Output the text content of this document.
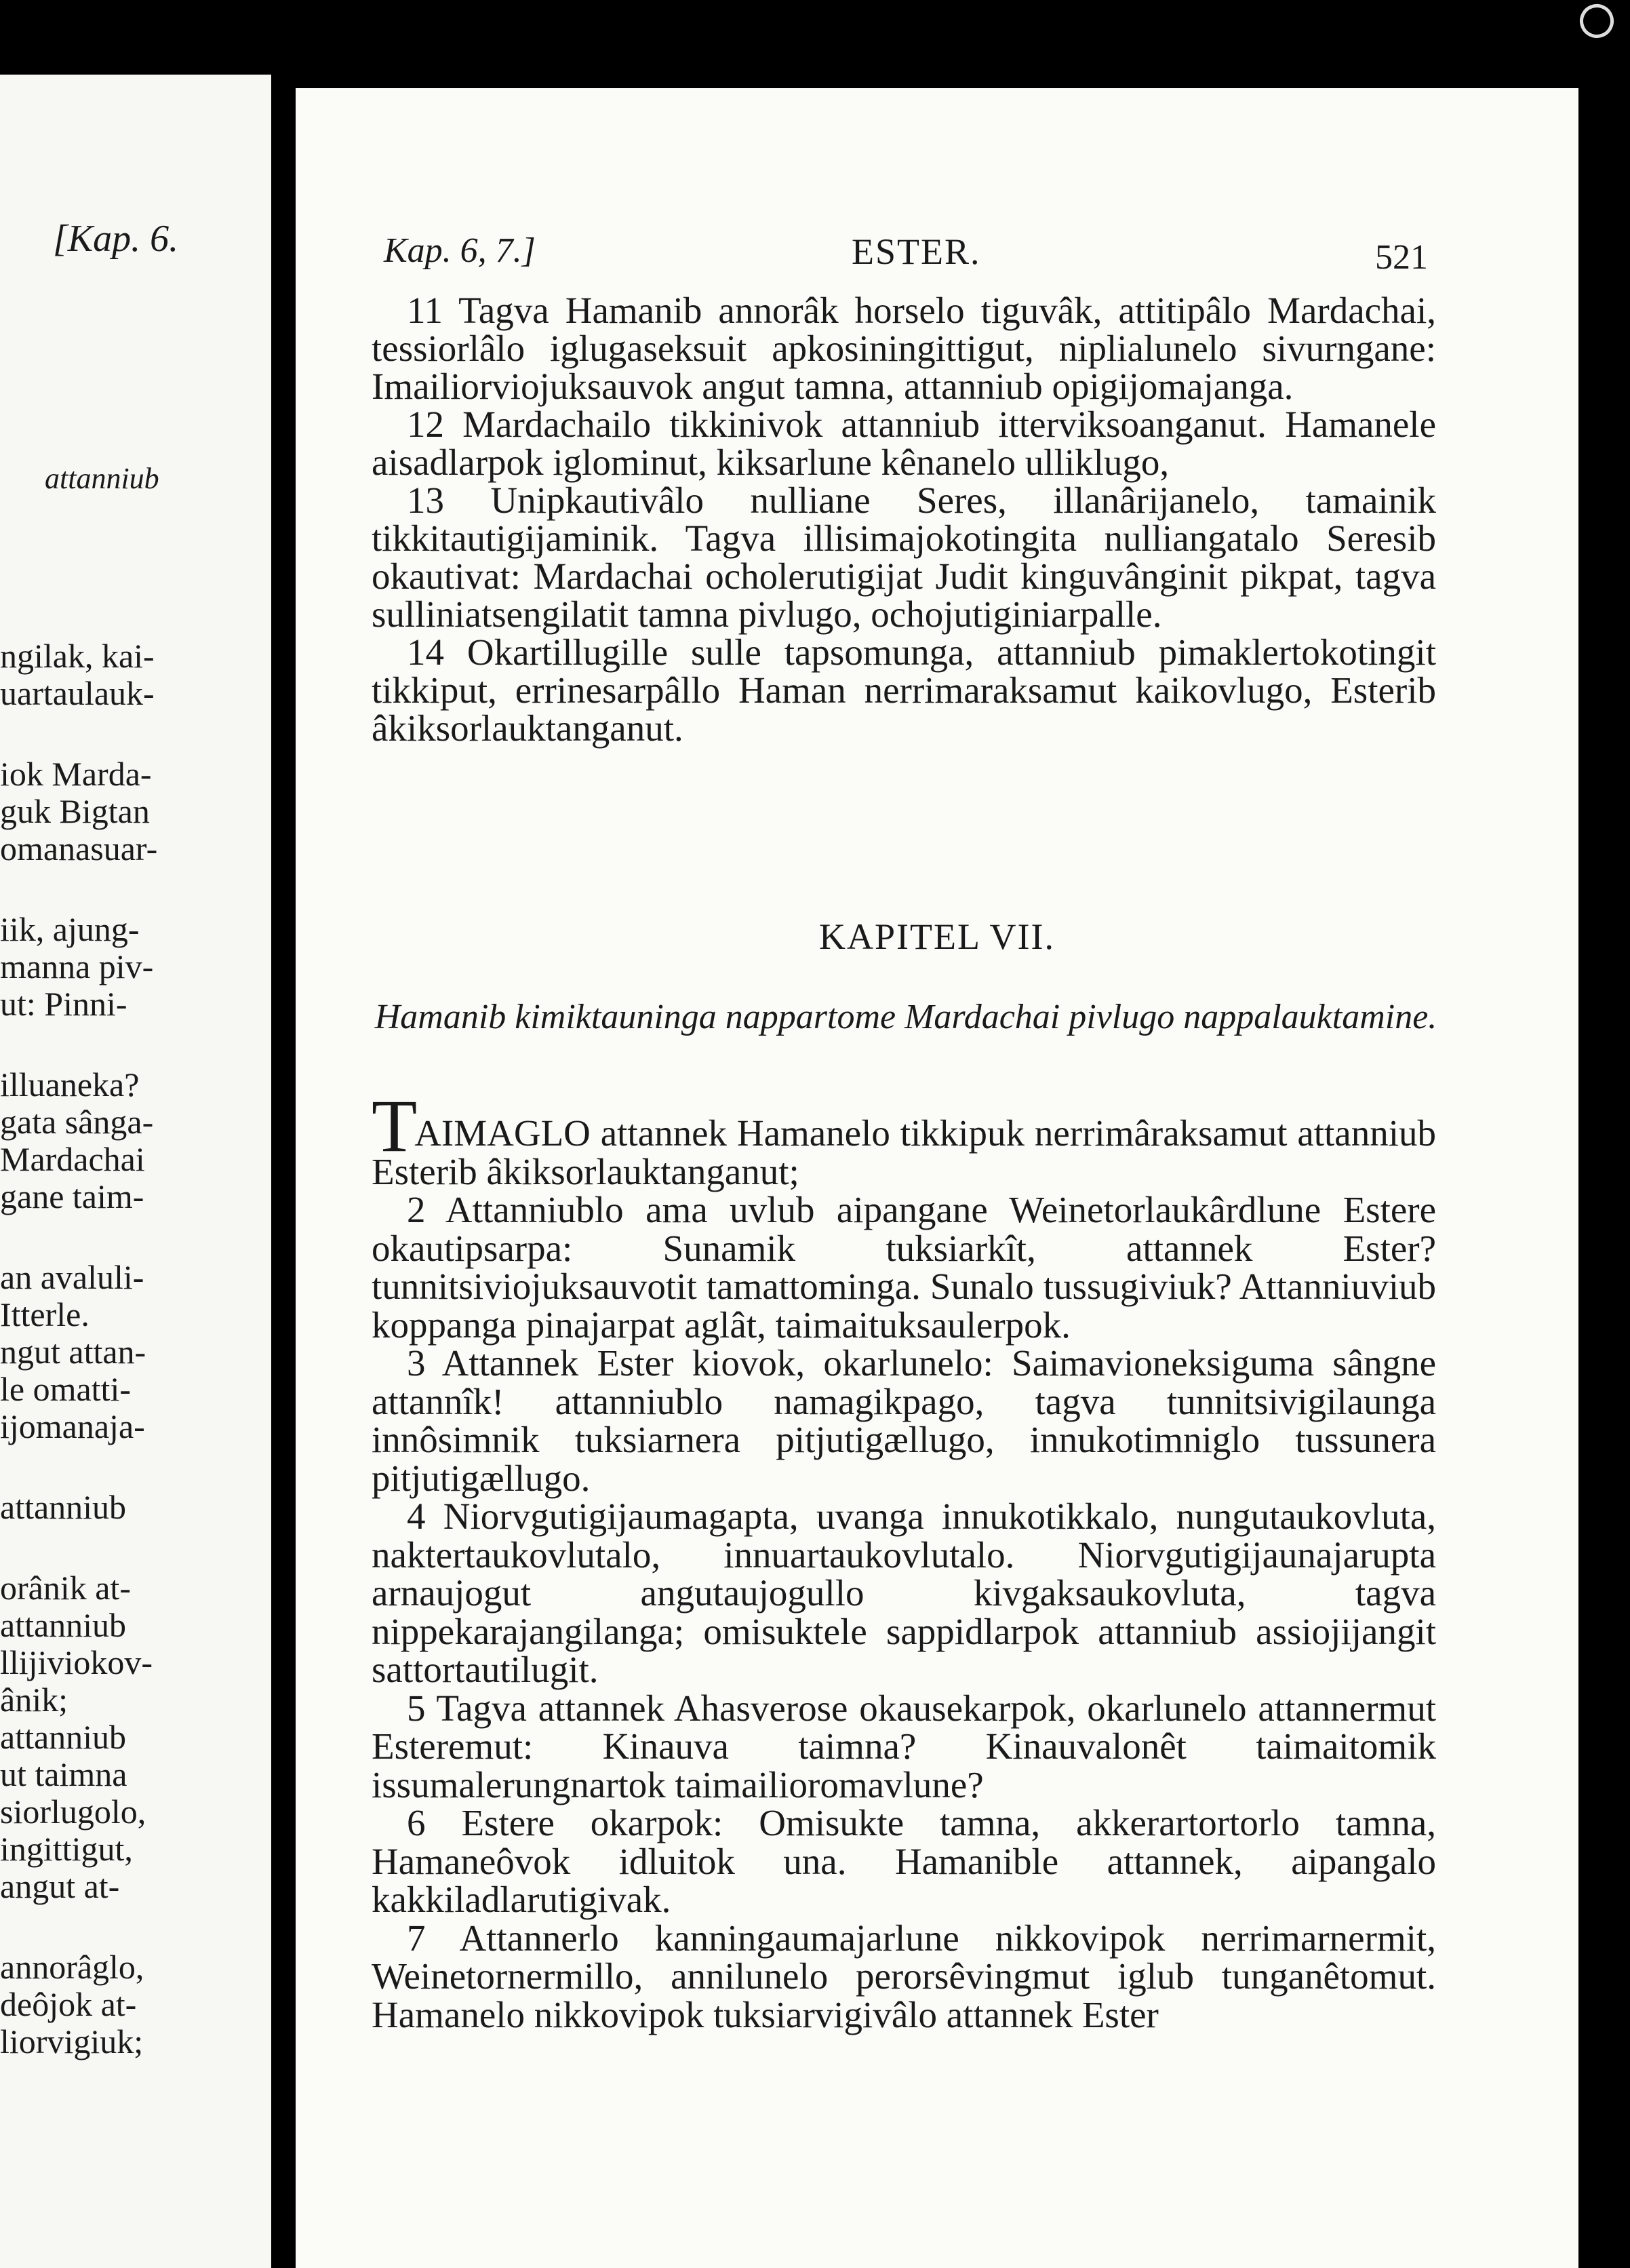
[Kap. 6.
attanniub
ngilak, kai-
uartaulauk-
iok Marda-
guk Bigtan
omanasuar-
iik, ajung-
manna piv-
ut: Pinni-
illuaneka?
gata sânga-
Mardachai
gane taim-
an avaluli-
Itterle.
ngut attan-
le omatti-
ijomanaja-
attanniub
orânik at-
attanniub
llijiviokov-
ânik;
attanniub
ut taimna
siorlugolo,
ingittigut,
angut at-
annorâglo,
deôjok at-
liorvigiuk;
Kap. 6, 7.]	ESTER.	521

11 Tagva Hamanib annorâk horselo tiguvâk, attitipâlo Mardachai, tessiorlâlo iglugaseksuit apkosiningittigut, niplialunelo sivurngane: Imailiorviojuksauvok angut tamna, attanniub opigijomajanga.

12 Mardachailo tikkinivok attanniub itterviksoanganut. Hamanele aisadlarpok iglominut, kiksarlune kênanelo ulliklugo,

13 Unipkautivâlo nulliane Seres, illanârijanelo, tamainik tikkitautigijaminik. Tagva illisimajokotingita nulliangatalo Seresib okautivat: Mardachai ocholerutigijat Judit kinguvânginit pikpat, tagva sulliniatsengilatit tamna pivlugo, ochojutiginiarpalle.

14 Okartillugille sulle tapsomunga, attanniub pimaklertokotingit tikkiput, errinesarpâllo Haman nerrimaraksamut kaikovlugo, Esterib âkiksorlauktanganut.

KAPITEL VII.
Hamanib kimiktauninga nappartome Mardachai pivlugo nappalauktamine.

TAIMAGLO attannek Hamanelo tikkipuk nerrimâraksamut attanniub Esterib âkiksorlauktanganut;

2 Attanniublo ama uvlub aipangane Weinetorlaukârdlune Estere okautipsarpa: Sunamik tuksiarkît, attannek Ester? tunnitsiviojuksauvotit tamattominga. Sunalo tussugiviuk? Attanniuviub koppanga pinajarpat aglât, taimaituksaulerpok.

3 Attannek Ester kiovok, okarlunelo: Saimavioneksiguma sângne attannîk! attanniublo namagikpago, tagva tunnitsivigilaunga innôsimnik tuksiarnera pitjutigællugo, innukotimniglo tussunera pitjutigællugo.

4 Niorvgutigijaumagapta, uvanga innukotikkalo, nungutaukovluta, naktertaukovlutalo, innuartaukovlutalo. Niorvgutigijaunajarupta arnaujogut angutaujogullo kivgaksaukovluta, tagva nippekarajangilanga; omisuktele sappidlarpok attanniub assiojijangit sattortautilugit.

5 Tagva attannek Ahasverose okausekarpok, okarlunelo attannermut Esteremut: Kinauva taimna? Kinauvalonêt taimaitomik issumalerungnartok taimailioromavlune?

6 Estere okarpok: Omisukte tamna, akkerartortorlo tamna, Hamaneôvok idluitok una. Hamanible attannek, aipangalo kakkiladlarutigivak.

7 Attannerlo kanningaumajarlune nikkovipok nerrimarnermit, Weinetornermillo, annilunelo perorsêvingmut iglub tunganêtomut. Hamanelo nikkovipok tuksiarvigivâlo attannek Ester
